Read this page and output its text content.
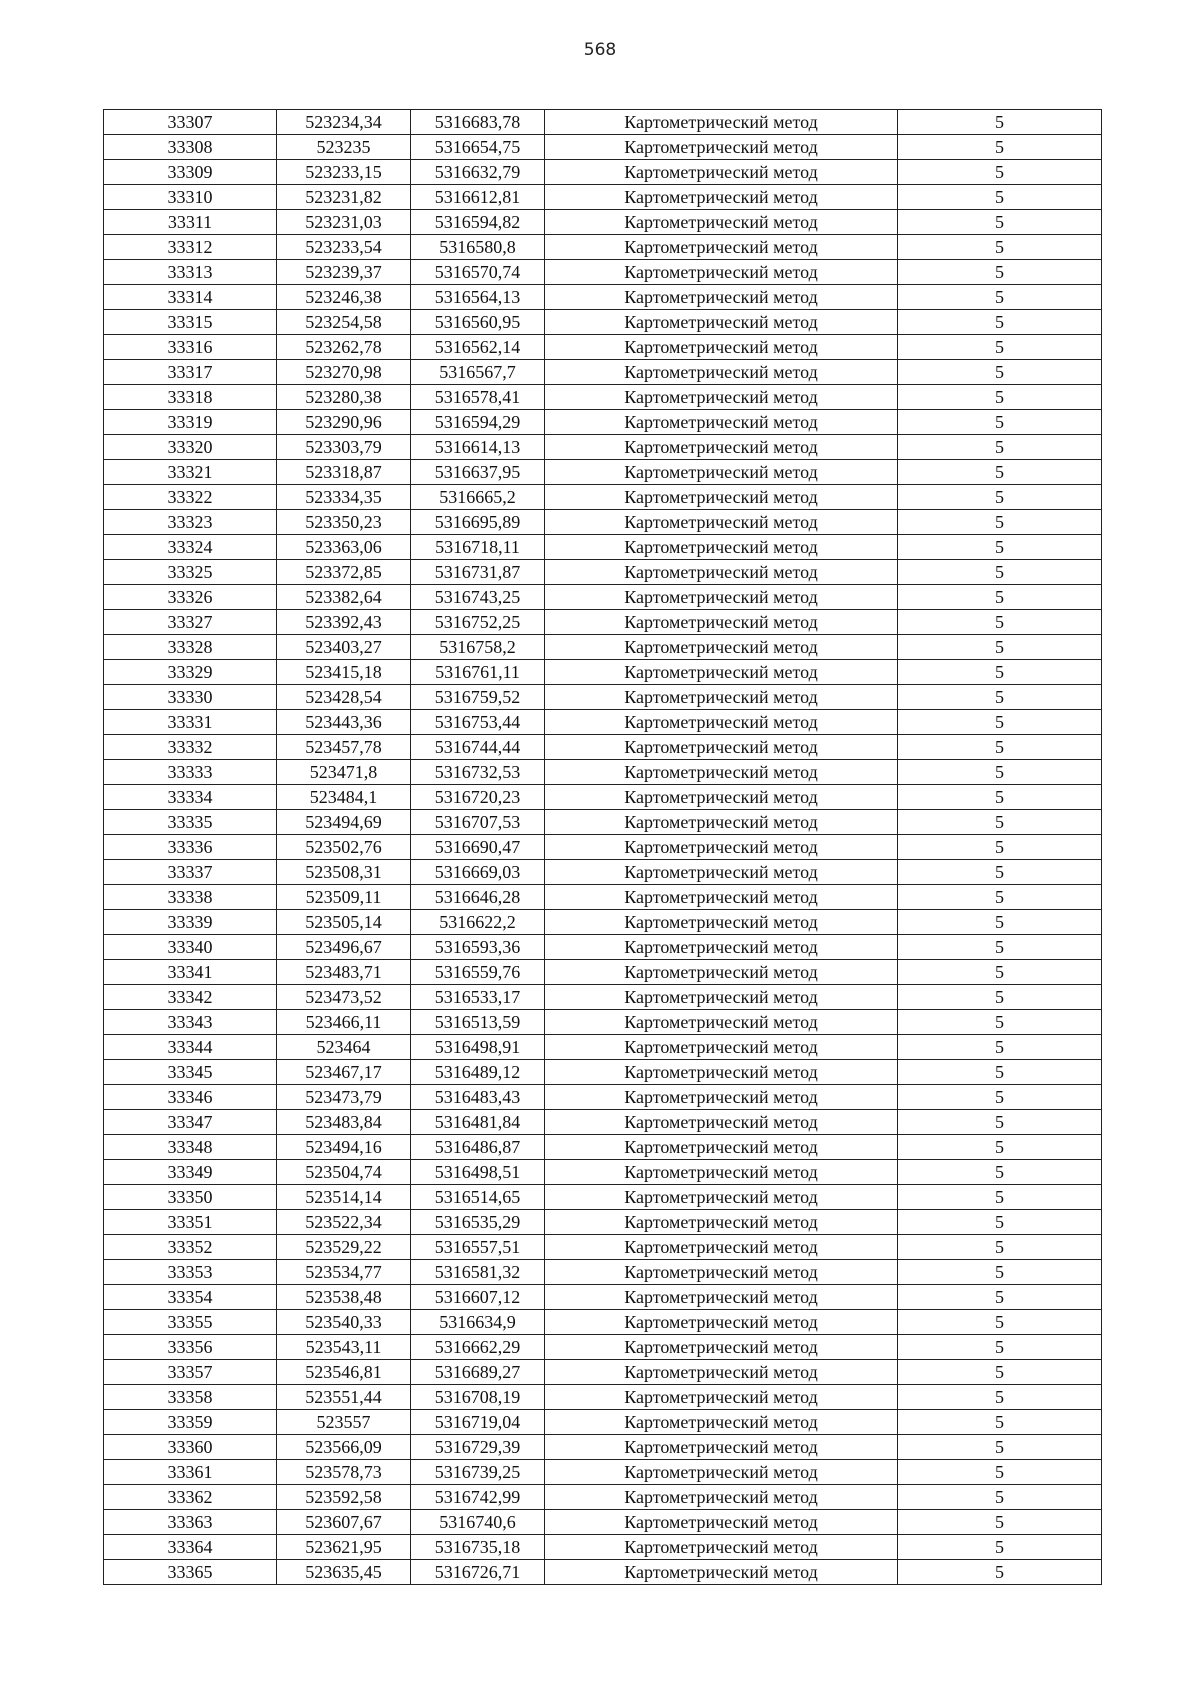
568
33307	523234,34	5316683,78	Картометрический метод	5
33308	523235	5316654,75	Картометрический метод	5
33309	523233,15	5316632,79	Картометрический метод	5
33310	523231,82	5316612,81	Картометрический метод	5
33311	523231,03	5316594,82	Картометрический метод	5
33312	523233,54	5316580,8	Картометрический метод	5
33313	523239,37	5316570,74	Картометрический метод	5
33314	523246,38	5316564,13	Картометрический метод	5
33315	523254,58	5316560,95	Картометрический метод	5
33316	523262,78	5316562,14	Картометрический метод	5
33317	523270,98	5316567,7	Картометрический метод	5
33318	523280,38	5316578,41	Картометрический метод	5
33319	523290,96	5316594,29	Картометрический метод	5
33320	523303,79	5316614,13	Картометрический метод	5
33321	523318,87	5316637,95	Картометрический метод	5
33322	523334,35	5316665,2	Картометрический метод	5
33323	523350,23	5316695,89	Картометрический метод	5
33324	523363,06	5316718,11	Картометрический метод	5
33325	523372,85	5316731,87	Картометрический метод	5
33326	523382,64	5316743,25	Картометрический метод	5
33327	523392,43	5316752,25	Картометрический метод	5
33328	523403,27	5316758,2	Картометрический метод	5
33329	523415,18	5316761,11	Картометрический метод	5
33330	523428,54	5316759,52	Картометрический метод	5
33331	523443,36	5316753,44	Картометрический метод	5
33332	523457,78	5316744,44	Картометрический метод	5
33333	523471,8	5316732,53	Картометрический метод	5
33334	523484,1	5316720,23	Картометрический метод	5
33335	523494,69	5316707,53	Картометрический метод	5
33336	523502,76	5316690,47	Картометрический метод	5
33337	523508,31	5316669,03	Картометрический метод	5
33338	523509,11	5316646,28	Картометрический метод	5
33339	523505,14	5316622,2	Картометрический метод	5
33340	523496,67	5316593,36	Картометрический метод	5
33341	523483,71	5316559,76	Картометрический метод	5
33342	523473,52	5316533,17	Картометрический метод	5
33343	523466,11	5316513,59	Картометрический метод	5
33344	523464	5316498,91	Картометрический метод	5
33345	523467,17	5316489,12	Картометрический метод	5
33346	523473,79	5316483,43	Картометрический метод	5
33347	523483,84	5316481,84	Картометрический метод	5
33348	523494,16	5316486,87	Картометрический метод	5
33349	523504,74	5316498,51	Картометрический метод	5
33350	523514,14	5316514,65	Картометрический метод	5
33351	523522,34	5316535,29	Картометрический метод	5
33352	523529,22	5316557,51	Картометрический метод	5
33353	523534,77	5316581,32	Картометрический метод	5
33354	523538,48	5316607,12	Картометрический метод	5
33355	523540,33	5316634,9	Картометрический метод	5
33356	523543,11	5316662,29	Картометрический метод	5
33357	523546,81	5316689,27	Картометрический метод	5
33358	523551,44	5316708,19	Картометрический метод	5
33359	523557	5316719,04	Картометрический метод	5
33360	523566,09	5316729,39	Картометрический метод	5
33361	523578,73	5316739,25	Картометрический метод	5
33362	523592,58	5316742,99	Картометрический метод	5
33363	523607,67	5316740,6	Картометрический метод	5
33364	523621,95	5316735,18	Картометрический метод	5
33365	523635,45	5316726,71	Картометрический метод	5
